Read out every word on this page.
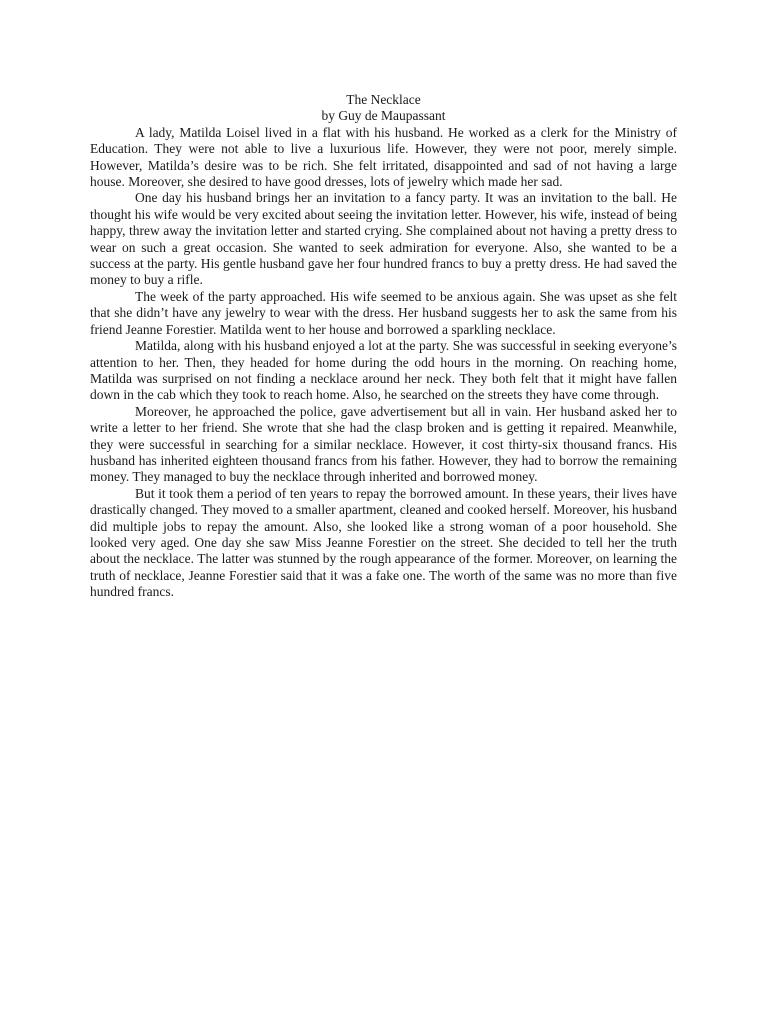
The Necklace
by Guy de Maupassant

A lady, Matilda Loisel lived in a flat with his husband. He worked as a clerk for the Ministry of Education. They were not able to live a luxurious life. However, they were not poor, merely simple. However, Matilda’s desire was to be rich. She felt irritated, disappointed and sad of not having a large house. Moreover, she desired to have good dresses, lots of jewelry which made her sad.

One day his husband brings her an invitation to a fancy party. It was an invitation to the ball. He thought his wife would be very excited about seeing the invitation letter. However, his wife, instead of being happy, threw away the invitation letter and started crying. She complained about not having a pretty dress to wear on such a great occasion. She wanted to seek admiration for everyone. Also, she wanted to be a success at the party. His gentle husband gave her four hundred francs to buy a pretty dress. He had saved the money to buy a rifle.

The week of the party approached. His wife seemed to be anxious again. She was upset as she felt that she didn’t have any jewelry to wear with the dress. Her husband suggests her to ask the same from his friend Jeanne Forestier. Matilda went to her house and borrowed a sparkling necklace.

Matilda, along with his husband enjoyed a lot at the party. She was successful in seeking everyone’s attention to her. Then, they headed for home during the odd hours in the morning. On reaching home, Matilda was surprised on not finding a necklace around her neck. They both felt that it might have fallen down in the cab which they took to reach home. Also, he searched on the streets they have come through.

Moreover, he approached the police, gave advertisement but all in vain. Her husband asked her to write a letter to her friend. She wrote that she had the clasp broken and is getting it repaired. Meanwhile, they were successful in searching for a similar necklace. However, it cost thirty-six thousand francs. His husband has inherited eighteen thousand francs from his father. However, they had to borrow the remaining money. They managed to buy the necklace through inherited and borrowed money.

But it took them a period of ten years to repay the borrowed amount. In these years, their lives have drastically changed. They moved to a smaller apartment, cleaned and cooked herself. Moreover, his husband did multiple jobs to repay the amount. Also, she looked like a strong woman of a poor household. She looked very aged. One day she saw Miss Jeanne Forestier on the street. She decided to tell her the truth about the necklace. The latter was stunned by the rough appearance of the former. Moreover, on learning the truth of necklace, Jeanne Forestier said that it was a fake one. The worth of the same was no more than five hundred francs.
